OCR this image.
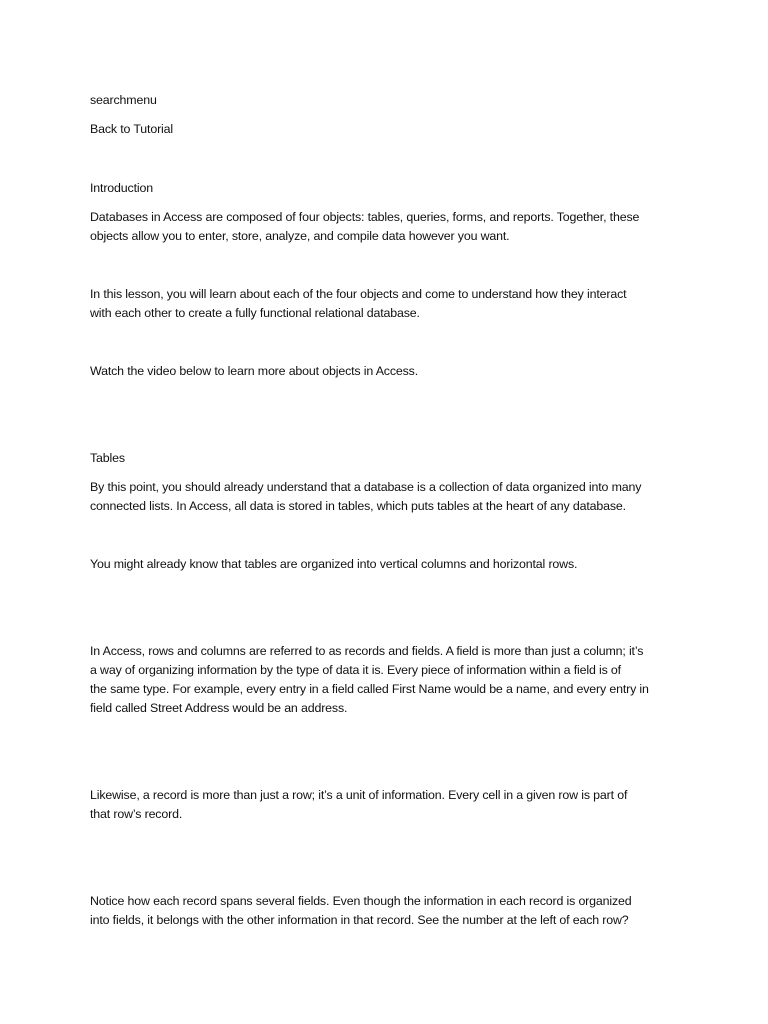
searchmenu

Back to Tutorial

Introduction

Databases in Access are composed of four objects: tables, queries, forms, and reports. Together, these
objects allow you to enter, store, analyze, and compile data however you want.
In this lesson, you will learn about each of the four objects and come to understand how they interact
with each other to create a fully functional relational database.

Watch the video below to learn more about objects in Access.

Tables

By this point, you should already understand that a database is a collection of data organized into many
connected lists. In Access, all data is stored in tables, which puts tables at the heart of any database.

You might already know that tables are organized into vertical columns and horizontal rows.

In Access, rows and columns are referred to as records and fields. A field is more than just a column; it’s
a way of organizing information by the type of data it is. Every piece of information within a field is of
the same type. For example, every entry in a field called First Name would be a name, and every entry in
field called Street Address would be an address.
Likewise, a record is more than just a row; it’s a unit of information. Every cell in a given row is part of
that row’s record.
Notice how each record spans several fields. Even though the information in each record is organized
into fields, it belongs with the other information in that record. See the number at the left of each row?
